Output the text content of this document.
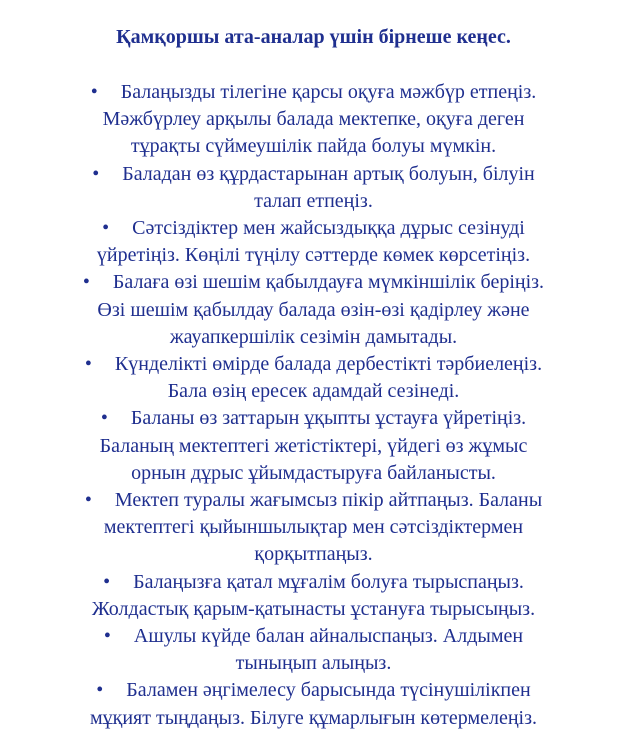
Қамқоршы ата-аналар үшін бірнеше кеңес.
• Балаңызды тілегіне қарсы оқуға мәжбүр етпеңіз.
Мәжбүрлеу арқылы балада мектепке, оқуға деген
тұрақты сүймеушілік пайда болуы мүмкін.
• Баладан өз құрдастарынан артық болуын, білуін
талап етпеңіз.
• Сәтсіздіктер мен жайсыздыққа дұрыс сезінуді
үйретіңіз. Көңілі түңілу сәттерде көмек көрсетіңіз.
• Балаға өзі шешім қабылдауға мүмкіншілік беріңіз.
Өзі шешім қабылдау балада өзін-өзі қадірлеу және
жауапкершілік сезімін дамытады.
• Күнделікті өмірде балада дербестікті тәрбиелеңіз.
Бала өзің ересек адамдай сезінеді.
• Баланы өз заттарын ұқыпты ұстауға үйретіңіз.
Баланың мектептегі жетістіктері, үйдегі өз жұмыс
орнын дұрыс ұйымдастыруға байланысты.
• Мектеп туралы жағымсыз пікір айтпаңыз. Баланы
мектептегі қыйыншылықтар мен сәтсіздіктермен
қорқытпаңыз.
• Балаңызға қатал мұғалім болуға тырыспаңыз.
Жолдастық қарым-қатынасты ұстануға тырысыңыз.
• Ашулы күйде балан айналыспаңыз. Алдымен
тыныңып алыңыз.
• Баламен әңгімелесу барысында түсінушілікпен
мұқият тыңдаңыз. Білуге құмарлығын көтермелеңіз.
